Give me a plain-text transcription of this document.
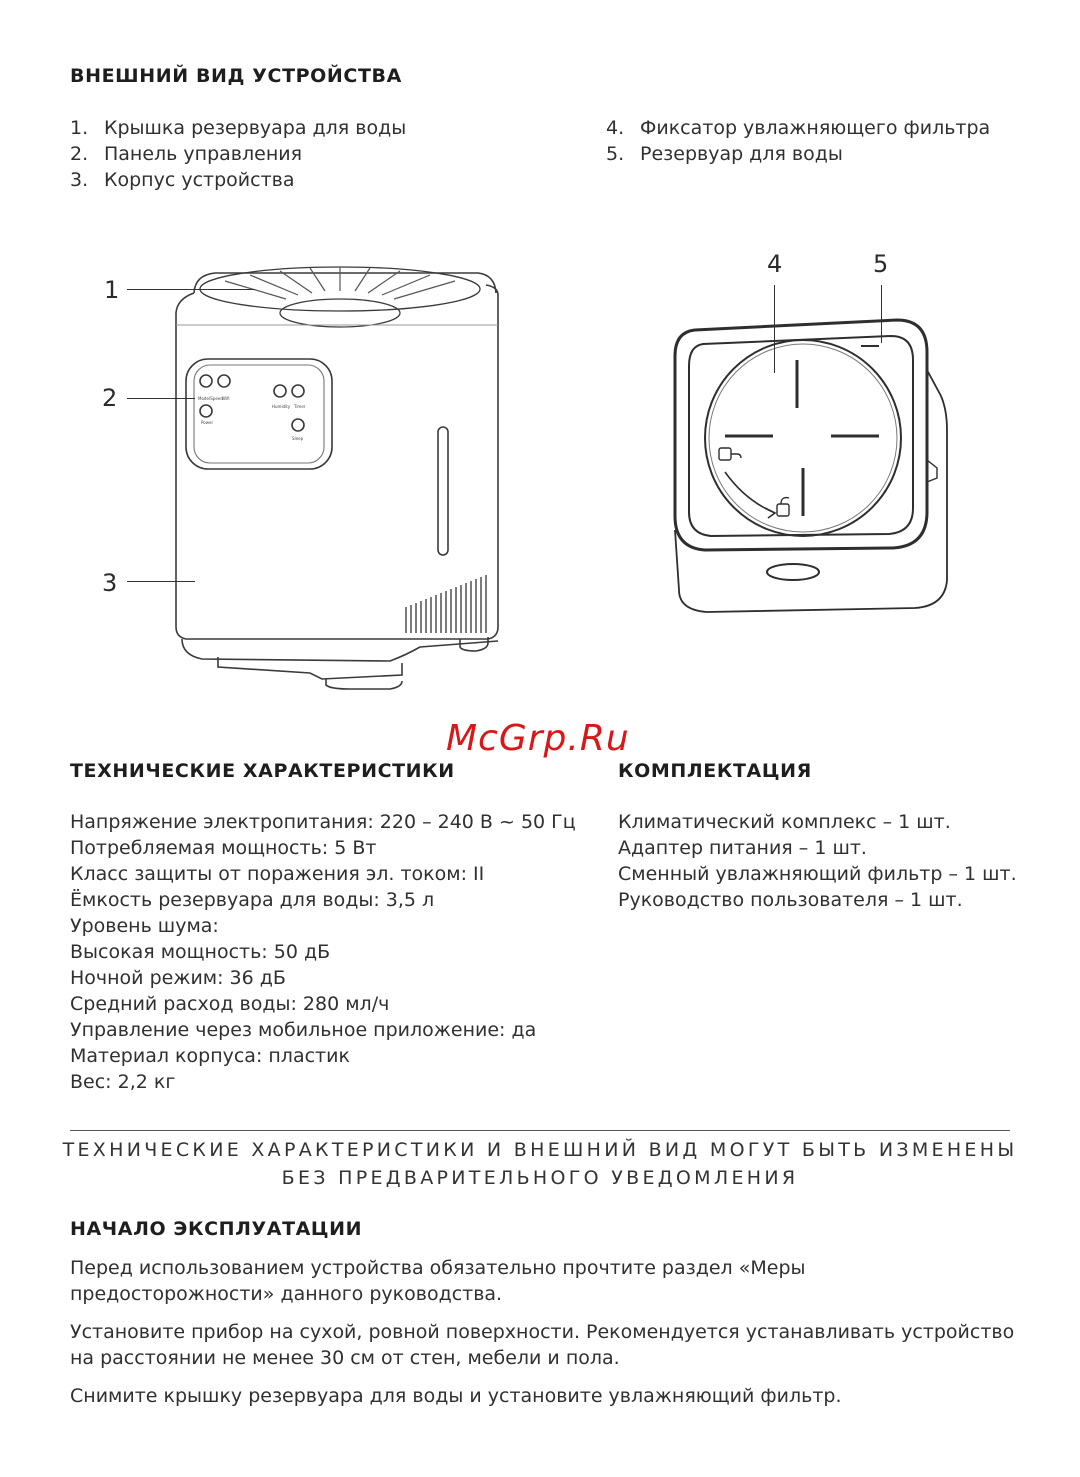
ВНЕШНИЙ ВИД УСТРОЙСТВА
1. Крышка резервуара для воды
2. Панель управления
3. Корпус устройства
4. Фиксатор увлажняющего фильтра
5. Резервуар для воды
1
2
3
4	5
McGrp.Ru
ТЕХНИЧЕСКИЕ ХАРАКТЕРИСТИКИ
Напряжение электропитания: 220 – 240 В ~ 50 Гц
Потребляемая мощность: 5 Вт
Класс защиты от поражения эл. током: II
Ёмкость резервуара для воды: 3,5 л
Уровень шума:
Высокая мощность: 50 дБ
Ночной режим: 36 дБ
Средний расход воды: 280 мл/ч
Управление через мобильное приложение: да
Материал корпуса: пластик
Вес: 2,2 кг
КОМПЛЕКТАЦИЯ
Климатический комплекс – 1 шт.
Адаптер питания – 1 шт.
Сменный увлажняющий фильтр – 1 шт.
Руководство пользователя – 1 шт.
ТЕХНИЧЕСКИЕ ХАРАКТЕРИСТИКИ И ВНЕШНИЙ ВИД МОГУТ БЫТЬ ИЗМЕНЕНЫ
БЕЗ ПРЕДВАРИТЕЛЬНОГО УВЕДОМЛЕНИЯ
НАЧАЛО ЭКСПЛУАТАЦИИ
Перед использованием устройства обязательно прочтите раздел «Меры предосторожности» данного руководства.
Установите прибор на сухой, ровной поверхности. Рекомендуется устанавливать устройство на расстоянии не менее 30 см от стен, мебели и пола.
Снимите крышку резервуара для воды и установите увлажняющий фильтр.
Mode/Speed Wifi
Humidity Timer
Power
Sleep
